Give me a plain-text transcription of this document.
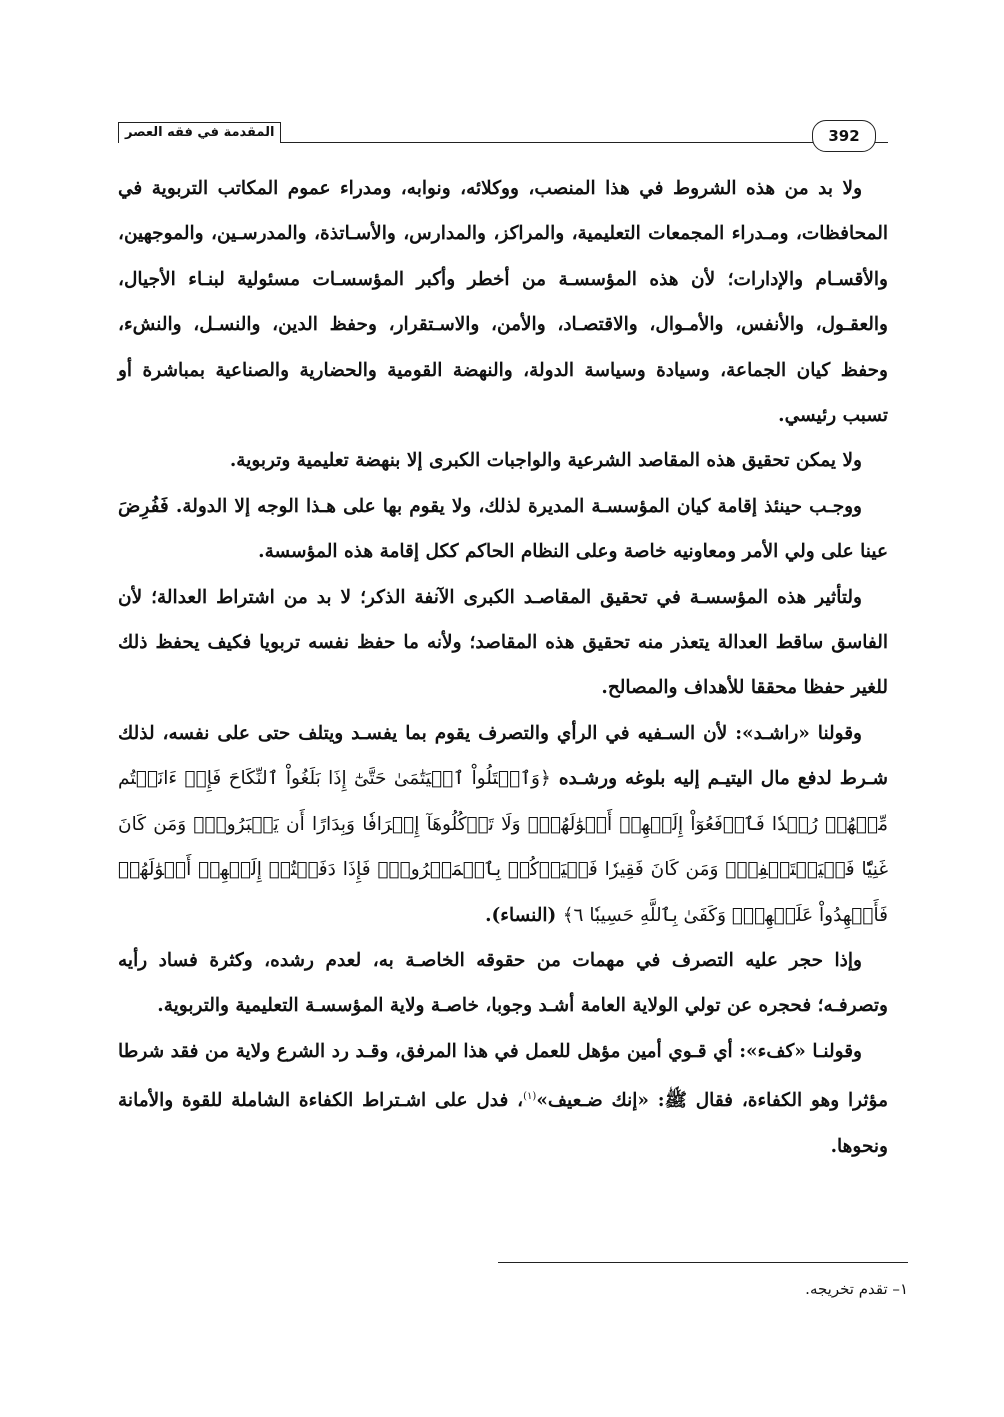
المقدمة في فقه العصر	392

ولا بد من هذه الشروط في هذا المنصب، ووكلائه، ونوابه، ومدراء عموم المكاتب التربوية في المحافظات، ومـدراء المجمعات التعليمية، والمراكز، والمدارس، والأسـاتذة، والمدرسـين، والموجهين، والأقسـام والإدارات؛ لأن هذه المؤسسـة من أخطر وأكبر المؤسسـات مسئولية لبنـاء الأجيال، والعقـول، والأنفس، والأمـوال، والاقتصـاد، والأمن، والاسـتقرار، وحفظ الدين، والنسـل، والنشء، وحفظ كيان الجماعة، وسيادة وسياسة الدولة، والنهضة القومية والحضارية والصناعية بمباشرة أو تسبب رئيسي.

ولا يمكن تحقيق هذه المقاصد الشرعية والواجبات الكبرى إلا بنهضة تعليمية وتربوية.

ووجـب حينئذ إقامة كيان المؤسسـة المديرة لذلك، ولا يقوم بها على هـذا الوجه إلا الدولة. فَفُرِضَ عينا على ولي الأمر ومعاونيه خاصة وعلى النظام الحاكم ككل إقامة هذه المؤسسة.

ولتأثير هذه المؤسسـة في تحقيق المقاصـد الكبرى الآنفة الذكر؛ لا بد من اشتراط العدالة؛ لأن الفاسق ساقط العدالة يتعذر منه تحقيق هذه المقاصد؛ ولأنه ما حفظ نفسه تربويا فكيف يحفظ ذلك للغير حفظا محققا للأهداف والمصالح.

وقولنا «راشـد»: لأن السـفيه في الرأي والتصرف يقوم بما يفسـد ويتلف حتى على نفسه، لذلك شـرط لدفع مال اليتيـم إليه بلوغه ورشـده ﴿وَٱبۡتَلُواْ ٱلۡيَتَٰمَىٰ حَتَّىٰٓ إِذَا بَلَغُواْ ٱلنِّكَاحَ فَإِنۡ ءَانَسۡتُم مِّنۡهُمۡ رُشۡدٗا فَٱدۡفَعُوٓاْ إِلَيۡهِمۡ أَمۡوَٰلَهُمۡۖ وَلَا تَأۡكُلُوهَآ إِسۡرَافٗا وَبِدَارًا أَن يَكۡبَرُواْۚ وَمَن كَانَ غَنِيّٗا فَلۡيَسۡتَعۡفِفۡۖ وَمَن كَانَ فَقِيرٗا فَلۡيَأۡكُلۡ بِٱلۡمَعۡرُوفِۚ فَإِذَا دَفَعۡتُمۡ إِلَيۡهِمۡ أَمۡوَٰلَهُمۡ فَأَشۡهِدُواْ عَلَيۡهِمۡۚ وَكَفَىٰ بِٱللَّهِ حَسِيبٗا ٦﴾ (النساء).

وإذا حجر عليه التصرف في مهمات من حقوقه الخاصـة به، لعدم رشده، وكثرة فساد رأيه وتصرفـه؛ فحجره عن تولي الولاية العامة أشـد وجوبا، خاصـة ولاية المؤسسـة التعليمية والتربوية.

وقولنـا «كفء»: أي قـوي أمين مؤهل للعمل في هذا المرفق، وقـد رد الشرع ولاية من فقد شرطا مؤثرا وهو الكفاءة، فقال ﷺ: «إنك ضـعيف»$^{(١)}$، فدل على اشـتراط الكفاءة الشاملة للقوة والأمانة ونحوها.

١– تقدم تخريجه.
